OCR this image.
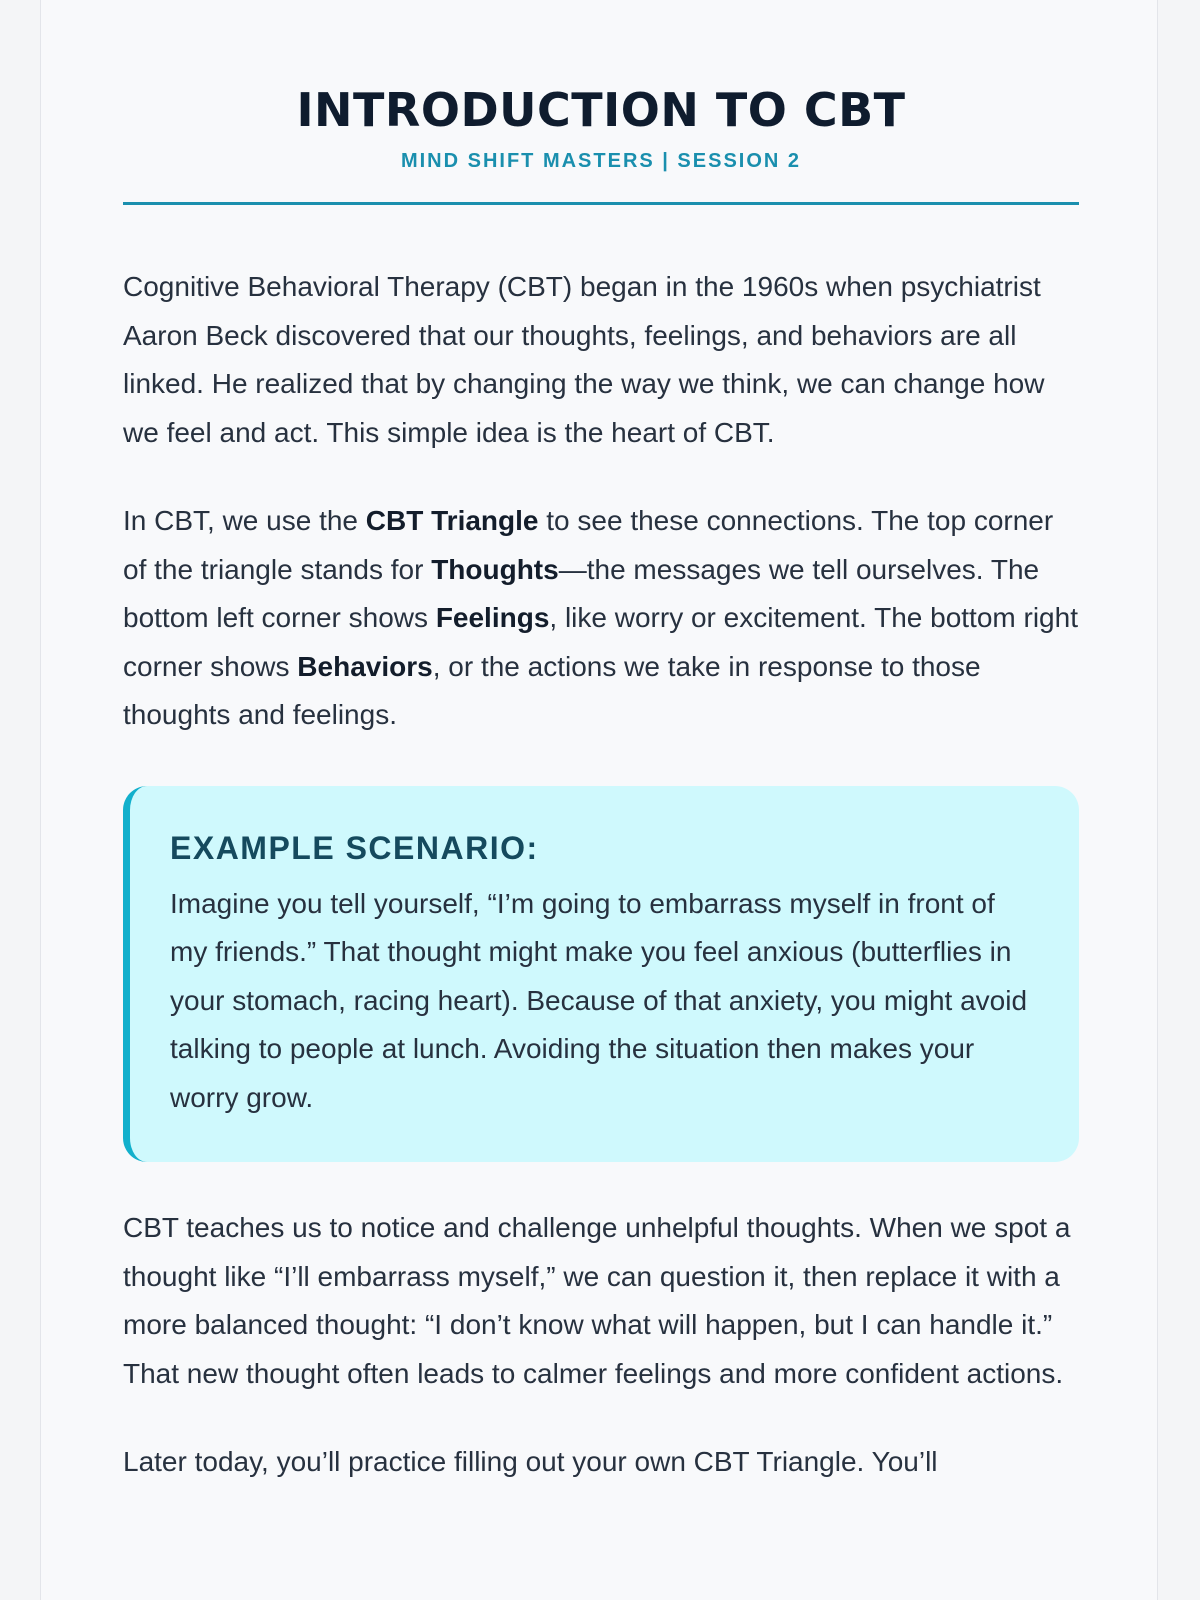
INTRODUCTION TO CBT
MIND SHIFT MASTERS | SESSION 2

Cognitive Behavioral Therapy (CBT) began in the 1960s when psychiatrist Aaron Beck discovered that our thoughts, feelings, and behaviors are all linked. He realized that by changing the way we think, we can change how we feel and act. This simple idea is the heart of CBT.

In CBT, we use the CBT Triangle to see these connections. The top corner of the triangle stands for Thoughts—the messages we tell ourselves. The bottom left corner shows Feelings, like worry or excitement. The bottom right corner shows Behaviors, or the actions we take in response to those thoughts and feelings.

EXAMPLE SCENARIO:

Imagine you tell yourself, “I’m going to embarrass myself in front of my friends.” That thought might make you feel anxious (butterflies in your stomach, racing heart). Because of that anxiety, you might avoid talking to people at lunch. Avoiding the situation then makes your worry grow.

CBT teaches us to notice and challenge unhelpful thoughts. When we spot a thought like “I’ll embarrass myself,” we can question it, then replace it with a more balanced thought: “I don’t know what will happen, but I can handle it.” That new thought often leads to calmer feelings and more confident actions.

Later today, you’ll practice filling out your own CBT Triangle. You’ll
